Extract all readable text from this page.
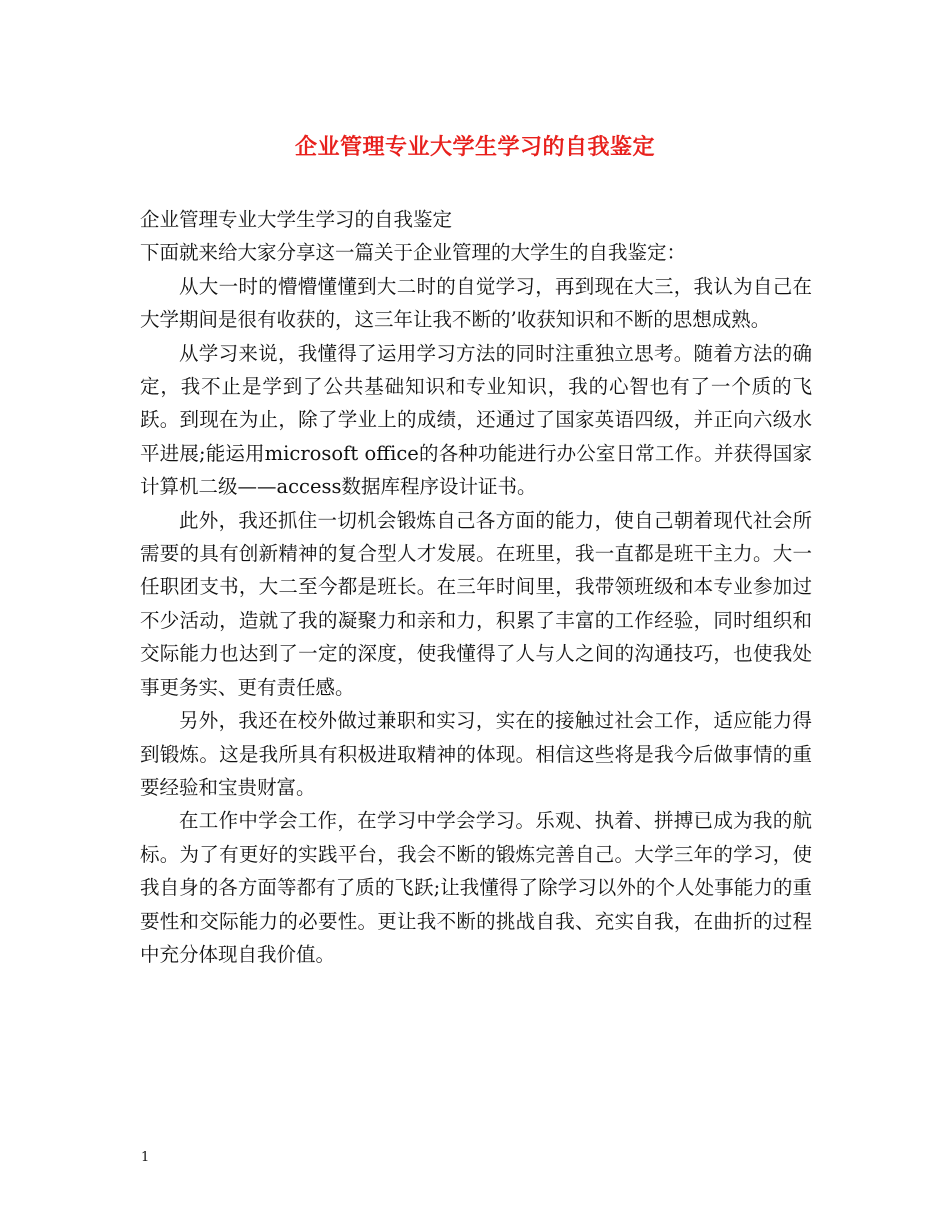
企业管理专业大学生学习的自我鉴定

企业管理专业大学生学习的自我鉴定

下面就来给大家分享这一篇关于企业管理的大学生的自我鉴定：

从大一时的懵懵懂懂到大二时的自觉学习，再到现在大三，我认为自己在大学期间是很有收获的，这三年让我不断的’收获知识和不断的思想成熟。

从学习来说，我懂得了运用学习方法的同时注重独立思考。随着方法的确定，我不止是学到了公共基础知识和专业知识，我的心智也有了一个质的飞跃。到现在为止，除了学业上的成绩，还通过了国家英语四级，并正向六级水平进展;能运用microsoft office的各种功能进行办公室日常工作。并获得国家计算机二级——access数据库程序设计证书。

此外，我还抓住一切机会锻炼自己各方面的能力，使自己朝着现代社会所需要的具有创新精神的复合型人才发展。在班里，我一直都是班干主力。大一任职团支书，大二至今都是班长。在三年时间里，我带领班级和本专业参加过不少活动，造就了我的凝聚力和亲和力，积累了丰富的工作经验，同时组织和交际能力也达到了一定的深度，使我懂得了人与人之间的沟通技巧，也使我处事更务实、更有责任感。

另外，我还在校外做过兼职和实习，实在的接触过社会工作，适应能力得到锻炼。这是我所具有积极进取精神的体现。相信这些将是我今后做事情的重要经验和宝贵财富。

在工作中学会工作，在学习中学会学习。乐观、执着、拼搏已成为我的航标。为了有更好的实践平台，我会不断的锻炼完善自己。大学三年的学习，使我自身的各方面等都有了质的飞跃;让我懂得了除学习以外的个人处事能力的重要性和交际能力的必要性。更让我不断的挑战自我、充实自我，在曲折的过程中充分体现自我价值。

1
